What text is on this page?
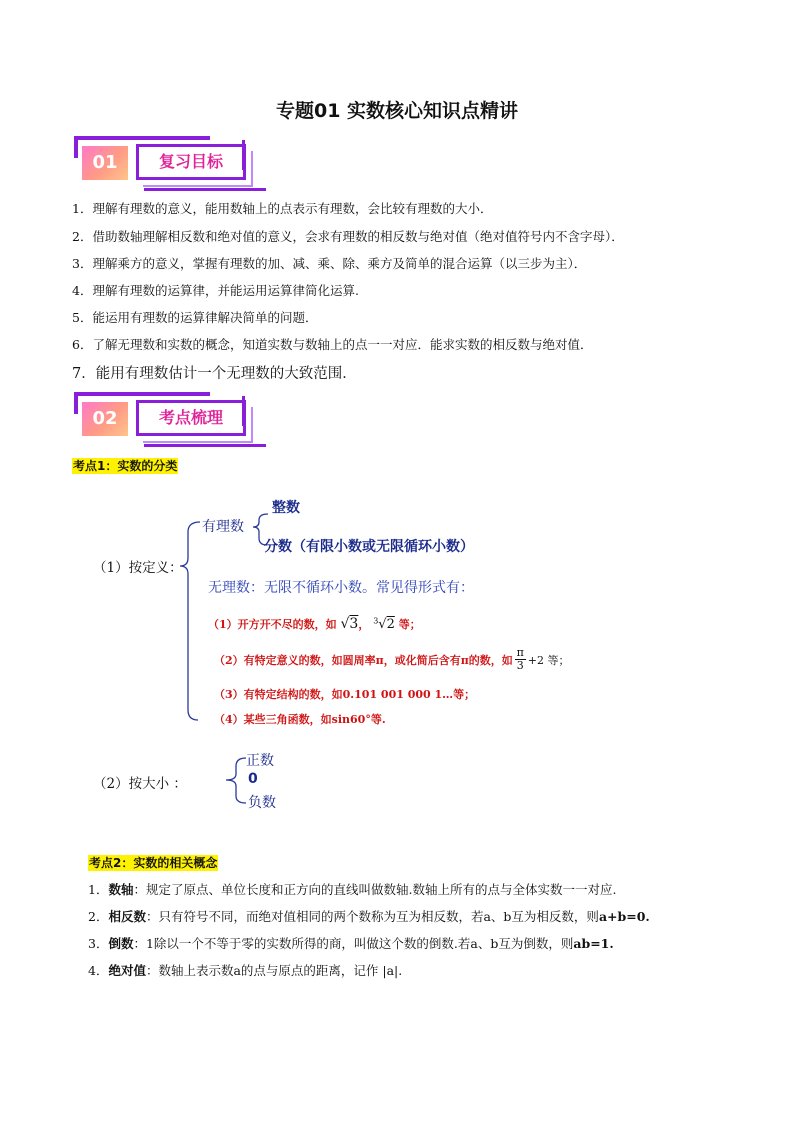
专题01 实数核心知识点精讲
01	复习目标
1．理解有理数的意义，能用数轴上的点表示有理数，会比较有理数的大小．
2．借助数轴理解相反数和绝对值的意义，会求有理数的相反数与绝对值（绝对值符号内不含字母）．
3．理解乘方的意义，掌握有理数的加、减、乘、除、乘方及简单的混合运算（以三步为主）．
4．理解有理数的运算律，并能运用运算律简化运算.
5．能运用有理数的运算律解决简单的问题．
6．了解无理数和实数的概念，知道实数与数轴上的点一一对应．能求实数的相反数与绝对值．
7．能用有理数估计一个无理数的大致范围．
02	考点梳理
考点1：实数的分类
（1）按定义：
有理数
整数
分数（有限小数或无限循环小数）
无理数：无限不循环小数。常见得形式有：
（1）开方开不尽的数，如 √3， $^3$√2 等；
（2）有特定意义的数，如圆周率π，或化简后含有π的数，如 $\frac{\pi}{3} +2$ 等；
（3）有特定结构的数，如0.101 001 000 1…等；
（4）某些三角函数，如sin60°等.
（2）按大小 ：
正数
0
负数
考点2：实数的相关概念
1．数轴：规定了原点、单位长度和正方向的直线叫做数轴.数轴上所有的点与全体实数一一对应.
2．相反数：只有符号不同，而绝对值相同的两个数称为互为相反数，若a、b互为相反数，则a+b=0.
3．倒数：1除以一个不等于零的实数所得的商，叫做这个数的倒数.若a、b互为倒数，则ab=1.
4．绝对值：数轴上表示数a的点与原点的距离，记作 |a|.
